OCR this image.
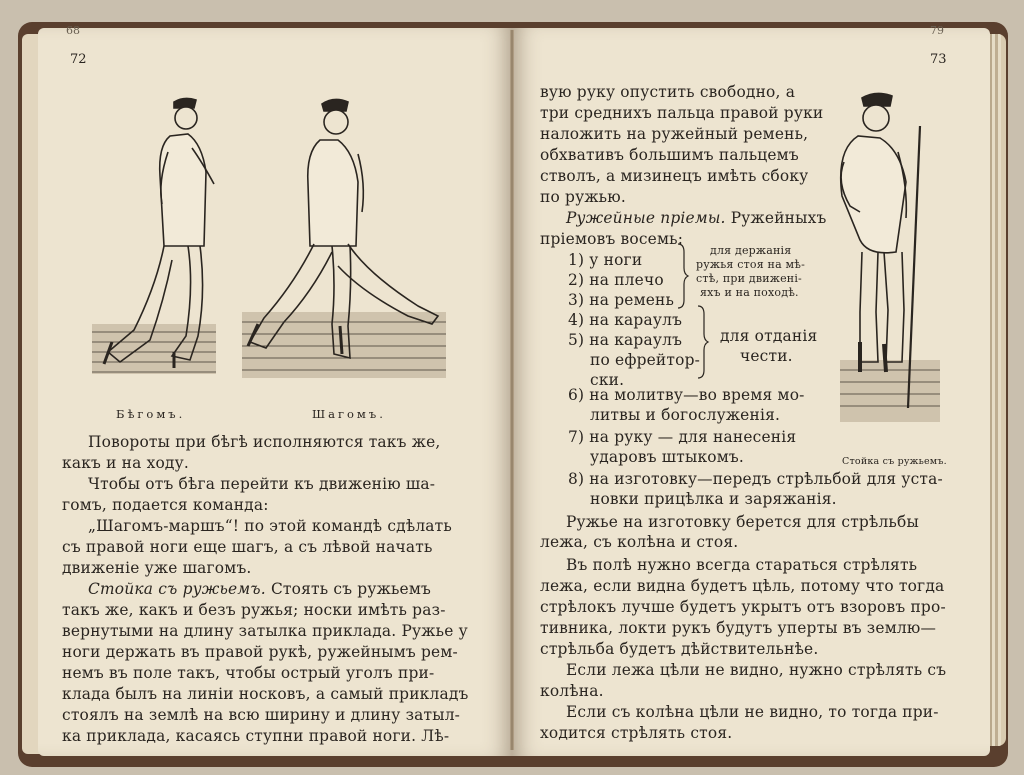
68
72
Бѣгомъ.	Шагомъ.
Повороты при бѣгѣ исполняются такъ же,
какъ и на ходу.
Чтобы отъ бѣга перейти къ движенію ша-
гомъ, подается команда:
„Шагомъ-маршъ“! по этой командѣ сдѣлать
съ правой ноги еще шагъ, а съ лѣвой начать
движеніе уже шагомъ.
Стойка съ ружьемъ. Стоять съ ружьемъ
такъ же, какъ и безъ ружья; носки имѣть раз-
вернутыми на длину затылка приклада. Ружье у
ноги держать въ правой рукѣ, ружейнымъ рем-
немъ въ поле такъ, чтобы острый уголъ при-
клада былъ на линіи носковъ, а самый прикладъ
стоялъ на землѣ на всю ширину и длину затыл-
ка приклада, касаясь ступни правой ноги. Лѣ-
79
73
вую руку опустить свободно, а
три среднихъ пальца правой руки
наложить на ружейный ремень,
обхвативъ большимъ пальцемъ
стволъ, а мизинецъ имѣть сбоку
по ружью.
Ружейные пріемы. Ружейныхъ
пріемовъ восемь:
1) у ноги
2) на плечо
3) на ремень
для держанія
ружья стоя на мѣ-
стѣ, при движені-
яхъ и на походѣ.
4) на караулъ
5) на караулъ
по ефрейтор-
ски.
для отданія
чести.
6) на молитву—во время мо-
литвы и богослуженія.
7) на руку — для нанесенія
ударовъ штыкомъ.
8) на изготовку—передъ стрѣльбой для уста-
новки прицѣлка и заряжанія.
Ружье на изготовку берется для стрѣльбы
лежа, съ колѣна и стоя.
Въ полѣ нужно всегда стараться стрѣлять
лежа, если видна будетъ цѣль, потому что тогда
стрѣлокъ лучше будетъ укрытъ отъ взоровъ про-
тивника, локти рукъ будутъ уперты въ землю—
стрѣльба будетъ дѣйствительнѣе.
Если лежа цѣли не видно, нужно стрѣлять съ
колѣна.
Если съ колѣна цѣли не видно, то тогда при-
ходится стрѣлять стоя.
Стойка съ ружьемъ.
